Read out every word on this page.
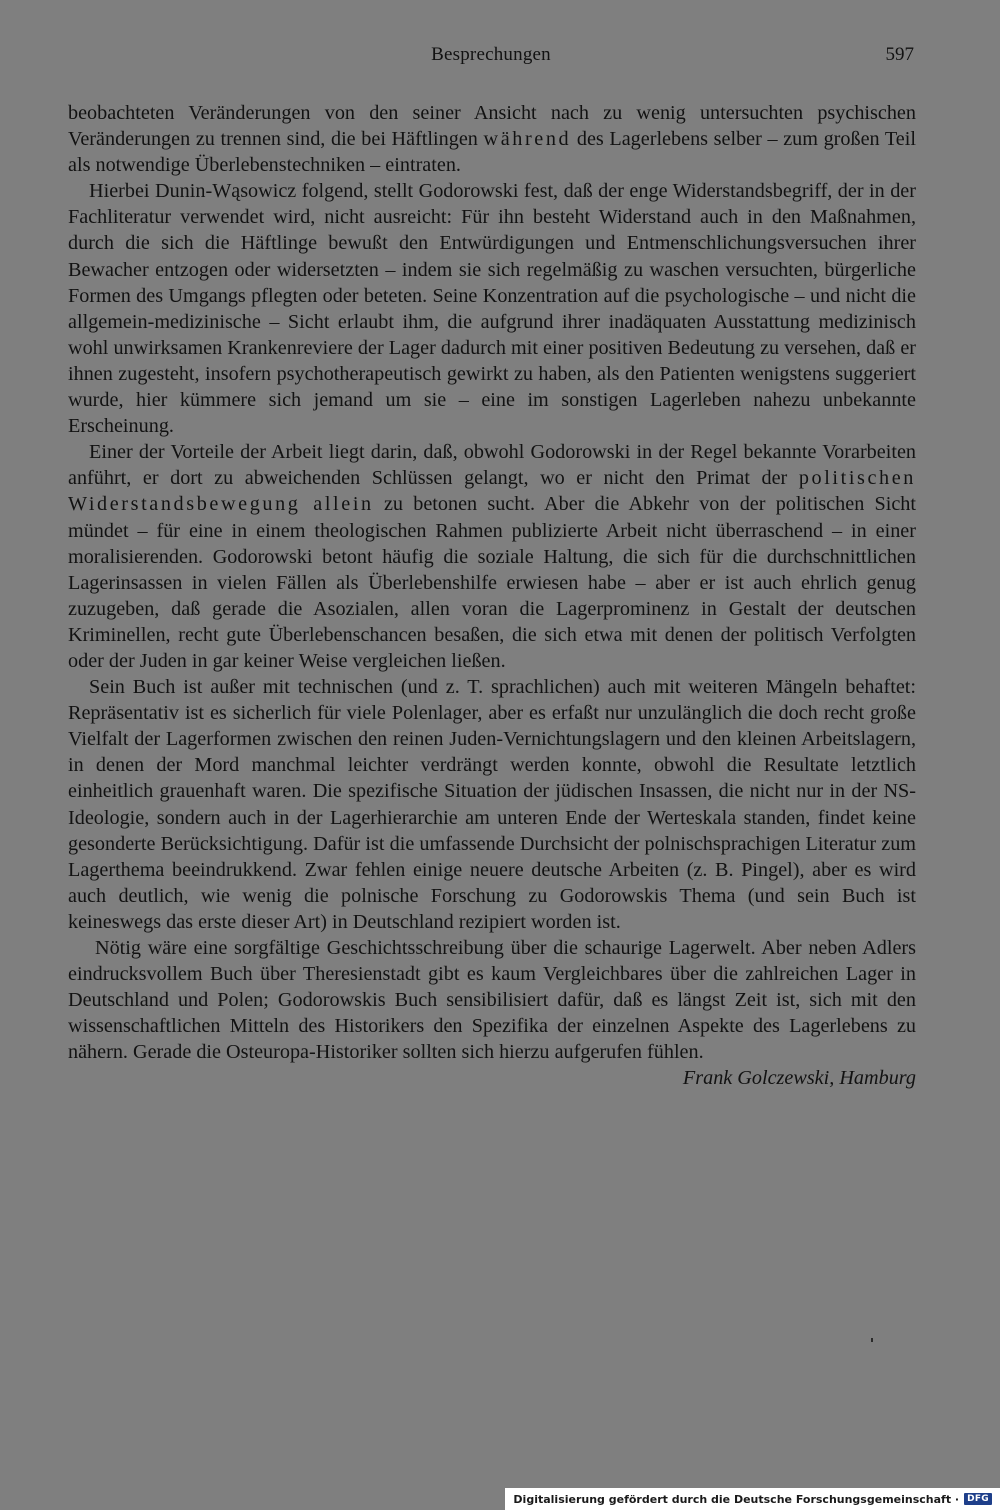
Besprechungen	597

beobachteten Veränderungen von den seiner Ansicht nach zu wenig untersuchten psychischen Veränderungen zu trennen sind, die bei Häftlingen während des Lagerlebens selber – zum großen Teil als notwendige Überlebenstechniken – eintraten.

Hierbei Dunin-Wąsowicz folgend, stellt Godorowski fest, daß der enge Widerstandsbegriff, der in der Fachliteratur verwendet wird, nicht ausreicht: Für ihn besteht Widerstand auch in den Maßnahmen, durch die sich die Häftlinge bewußt den Entwürdigungen und Entmenschlichungsversuchen ihrer Bewacher entzogen oder widersetzten – indem sie sich regelmäßig zu waschen versuchten, bürgerliche Formen des Umgangs pflegten oder beteten. Seine Konzentration auf die psychologische – und nicht die allgemein-medizinische – Sicht erlaubt ihm, die aufgrund ihrer inadäquaten Ausstattung medizinisch wohl unwirksamen Krankenreviere der Lager dadurch mit einer positiven Bedeutung zu versehen, daß er ihnen zugesteht, insofern psychotherapeutisch gewirkt zu haben, als den Patienten wenigstens suggeriert wurde, hier kümmere sich jemand um sie – eine im sonstigen Lagerleben nahezu unbekannte Erscheinung.

Einer der Vorteile der Arbeit liegt darin, daß, obwohl Godorowski in der Regel bekannte Vorarbeiten anführt, er dort zu abweichenden Schlüssen gelangt, wo er nicht den Primat der politischen Widerstandsbewegung allein zu betonen sucht. Aber die Abkehr von der politischen Sicht mündet – für eine in einem theologischen Rahmen publizierte Arbeit nicht überraschend – in einer moralisierenden. Godorowski betont häufig die soziale Haltung, die sich für die durchschnittlichen Lagerinsassen in vielen Fällen als Überlebenshilfe erwiesen habe – aber er ist auch ehrlich genug zuzugeben, daß gerade die Asozialen, allen voran die Lagerprominenz in Gestalt der deutschen Kriminellen, recht gute Überlebenschancen besaßen, die sich etwa mit denen der politisch Verfolgten oder der Juden in gar keiner Weise vergleichen ließen.

Sein Buch ist außer mit technischen (und z. T. sprachlichen) auch mit weiteren Mängeln behaftet: Repräsentativ ist es sicherlich für viele Polenlager, aber es erfaßt nur unzulänglich die doch recht große Vielfalt der Lagerformen zwischen den reinen Juden-Vernichtungslagern und den kleinen Arbeitslagern, in denen der Mord manchmal leichter verdrängt werden konnte, obwohl die Resultate letztlich einheitlich grauenhaft waren. Die spezifische Situation der jüdischen Insassen, die nicht nur in der NS-Ideologie, sondern auch in der Lagerhierarchie am unteren Ende der Werteskala standen, findet keine gesonderte Berücksichtigung. Dafür ist die umfassende Durchsicht der polnischsprachigen Literatur zum Lagerthema beeindrukkend. Zwar fehlen einige neuere deutsche Arbeiten (z. B. Pingel), aber es wird auch deutlich, wie wenig die polnische Forschung zu Godorowskis Thema (und sein Buch ist keineswegs das erste dieser Art) in Deutschland rezipiert worden ist.

Nötig wäre eine sorgfältige Geschichtsschreibung über die schaurige Lagerwelt. Aber neben Adlers eindrucksvollem Buch über Theresienstadt gibt es kaum Vergleichbares über die zahlreichen Lager in Deutschland und Polen; Godorowskis Buch sensibilisiert dafür, daß es längst Zeit ist, sich mit den wissenschaftlichen Mitteln des Historikers den Spezifika der einzelnen Aspekte des Lagerlebens zu nähern. Gerade die Osteuropa-Historiker sollten sich hierzu aufgerufen fühlen.

Frank Golczewski, Hamburg
Digitalisierung gefördert durch die Deutsche Forschungsgemeinschaft · DFG
